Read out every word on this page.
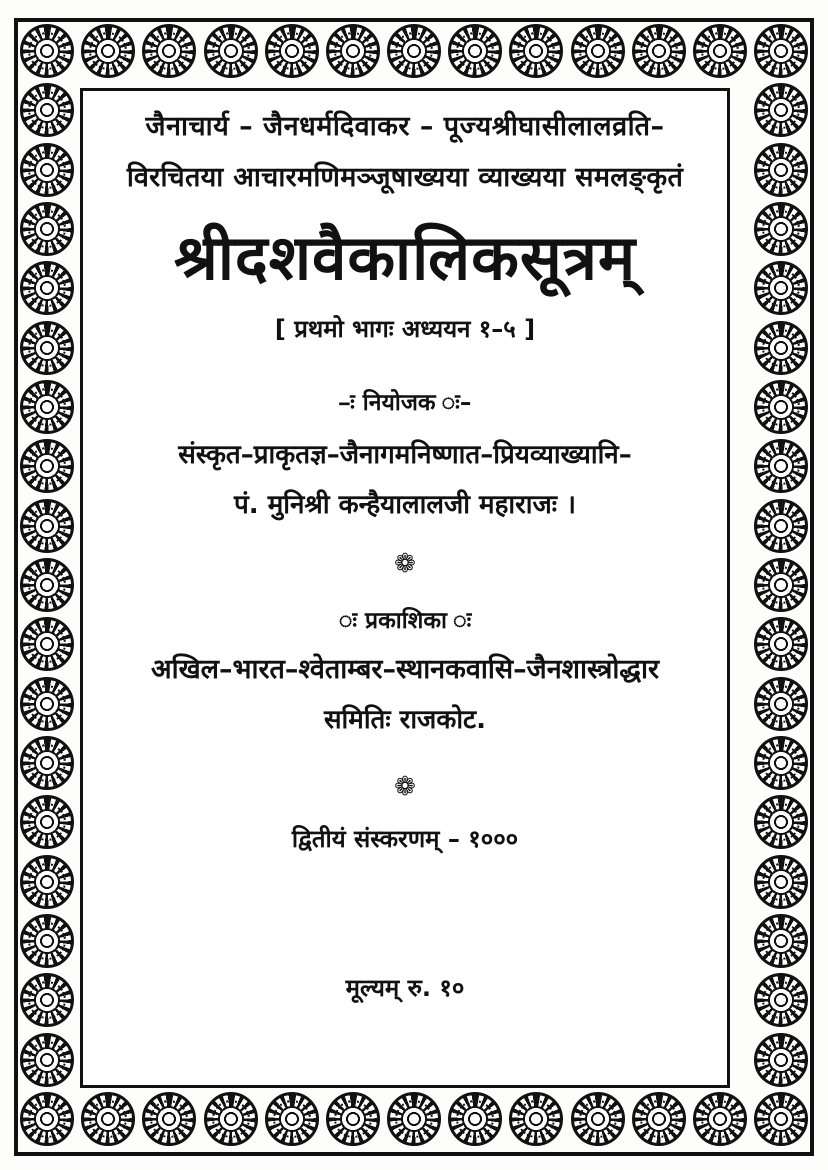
जैनाचार्य – जैनधर्मदिवाकर – पूज्यश्रीघासीलालव्रति–

विरचितया आचारमणिमञ्जूषाख्यया व्याख्यया समलङ्कृतं

श्रीदशवैकालिकसूत्रम्

[ प्रथमो भागः अध्ययन १–५ ]

–ः नियोजक ः–

संस्कृत–प्राकृतज्ञ–जैनागमनिष्णात–प्रियव्याख्यानि–

पं. मुनिश्री कन्हैयालालजी महाराजः ।

❁

ः प्रकाशिका ः

अखिल–भारत–श्वेताम्बर–स्थानकवासि–जैनशास्त्रोद्धार

समितिः राजकोट.

❁

द्वितीयं संस्करणम् – १०००

मूल्यम् रु. १०
